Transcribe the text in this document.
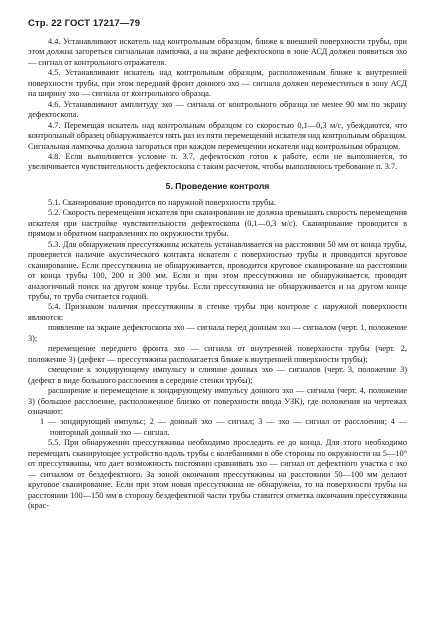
Стр. 22 ГОСТ 17217—79

4.4. Устанавливают искатель над контрольным образцом, ближе к внешней поверхности трубы, при этом должна загореться сигнальная лампочка, а на экране дефектоскопа в зоне АСД должен появиться эхо — сигнал от контрольного отражателя.

4.5. Устанавливают искатель над контрольным образцом, расположенным ближе к внутренней поверхности трубы, при этом передний фронт донного эхо — сигнала должен переместиться в зону АСД на ширину эхо — сигнала от контрольного образца.

4.6. Устанавливают амплитуду эхо — сигнала от контрольного образца не менее 90 мм по экрану дефектоскопа.

4.7. Перемещая искатель над контрольным образцом со скоростью 0,1—0,3 м/с, убеждаются, что контрольный образец обнаруживается пять раз из пяти перемещений искателя над контрольным образцом. Сигнальная лампочка должна загораться при каждом перемещении искателя над контрольным образцом.

4.8. Если выполняется условие п. 3.7, дефектоскоп готов к работе, если не выполняется, то увеличивается чувствительность дефектоскопа с таким расчетом, чтобы выполнялось требование п. 3.7.

5. Проведение контроля

5.1. Сканирование проводится по наружной поверхности трубы.

5.2. Скорость перемещения искателя при сканировании не должна превышать скорость перемещения искателя при настройке чувствительности дефектоскопа (0,1—0,3 м/с). Сканирование проводится в прямом и обратном направлениях по окружности трубы.

5.3. Для обнаружения прессутяжины искатель устанавливается на расстоянии 50 мм от конца трубы, проверяется наличие акустического контакта искателя с поверхностью трубы и проводится круговое сканирование. Если прессутяжина не обнаруживается, проводится круговое сканирование на расстоянии от конца трубы 100, 200 и 300 мм. Если и при этом прессутяжина не обнаруживается, проводят аналогичный поиск на другом конце трубы. Если прессутяжина не обнаруживается и на другом конце трубы, то труба считается годной.

5.4. Признаком наличия прессутяжины в стенке трубы при контроле с наружной поверхности являются:

появление на экране дефектоскопа эхо — сигнала перед донным эхо — сигналом (черт. 1, положение 3);

перемещение переднего фронта эхо — сигнала от внутренней поверхности трубы (черт. 2, положение 3) (дефект — прессутяжина располагается ближе к внутренней поверхности трубы);

смещение к зондирующему импульсу и слияние донных эхо — сигналов (черт. 3, положение 3) (дефект в виде большого расслоения в середине стенки трубы);

расширение и перемещение к зондирующему импульсу донного эхо — сигнала (черт. 4, положение 3) (большое расслоение, расположенное близко от поверхности ввода УЗК), где положения на чертежах означают:

1 — зондирующий импульс; 2 — донный эхо — сигнал; 3 — эхо — сигнал от расслоения; 4 — повторный донный эхо — сигнал.

5.5. При обнаружении прессутяжины необходимо проследить ее до конца. Для этого необходимо перемещать сканирующее устройство вдоль трубы с колебаниями в обе стороны по окружности на 5—10° от прессутяжины, что дает возможность постоянно сравнивать эхо — сигнал от дефектного участка с эхо — сигналом от бездефектного. За зоной окончания прессутяжины на расстоянии 50—100 мм делают круговое сканирование. Если при этом новая прессутяжина не обнаружена, то на поверхности трубы на расстоянии 100—150 мм в сторону бездефектной части трубы ставится отметка окончания прессутяжины (крас-
